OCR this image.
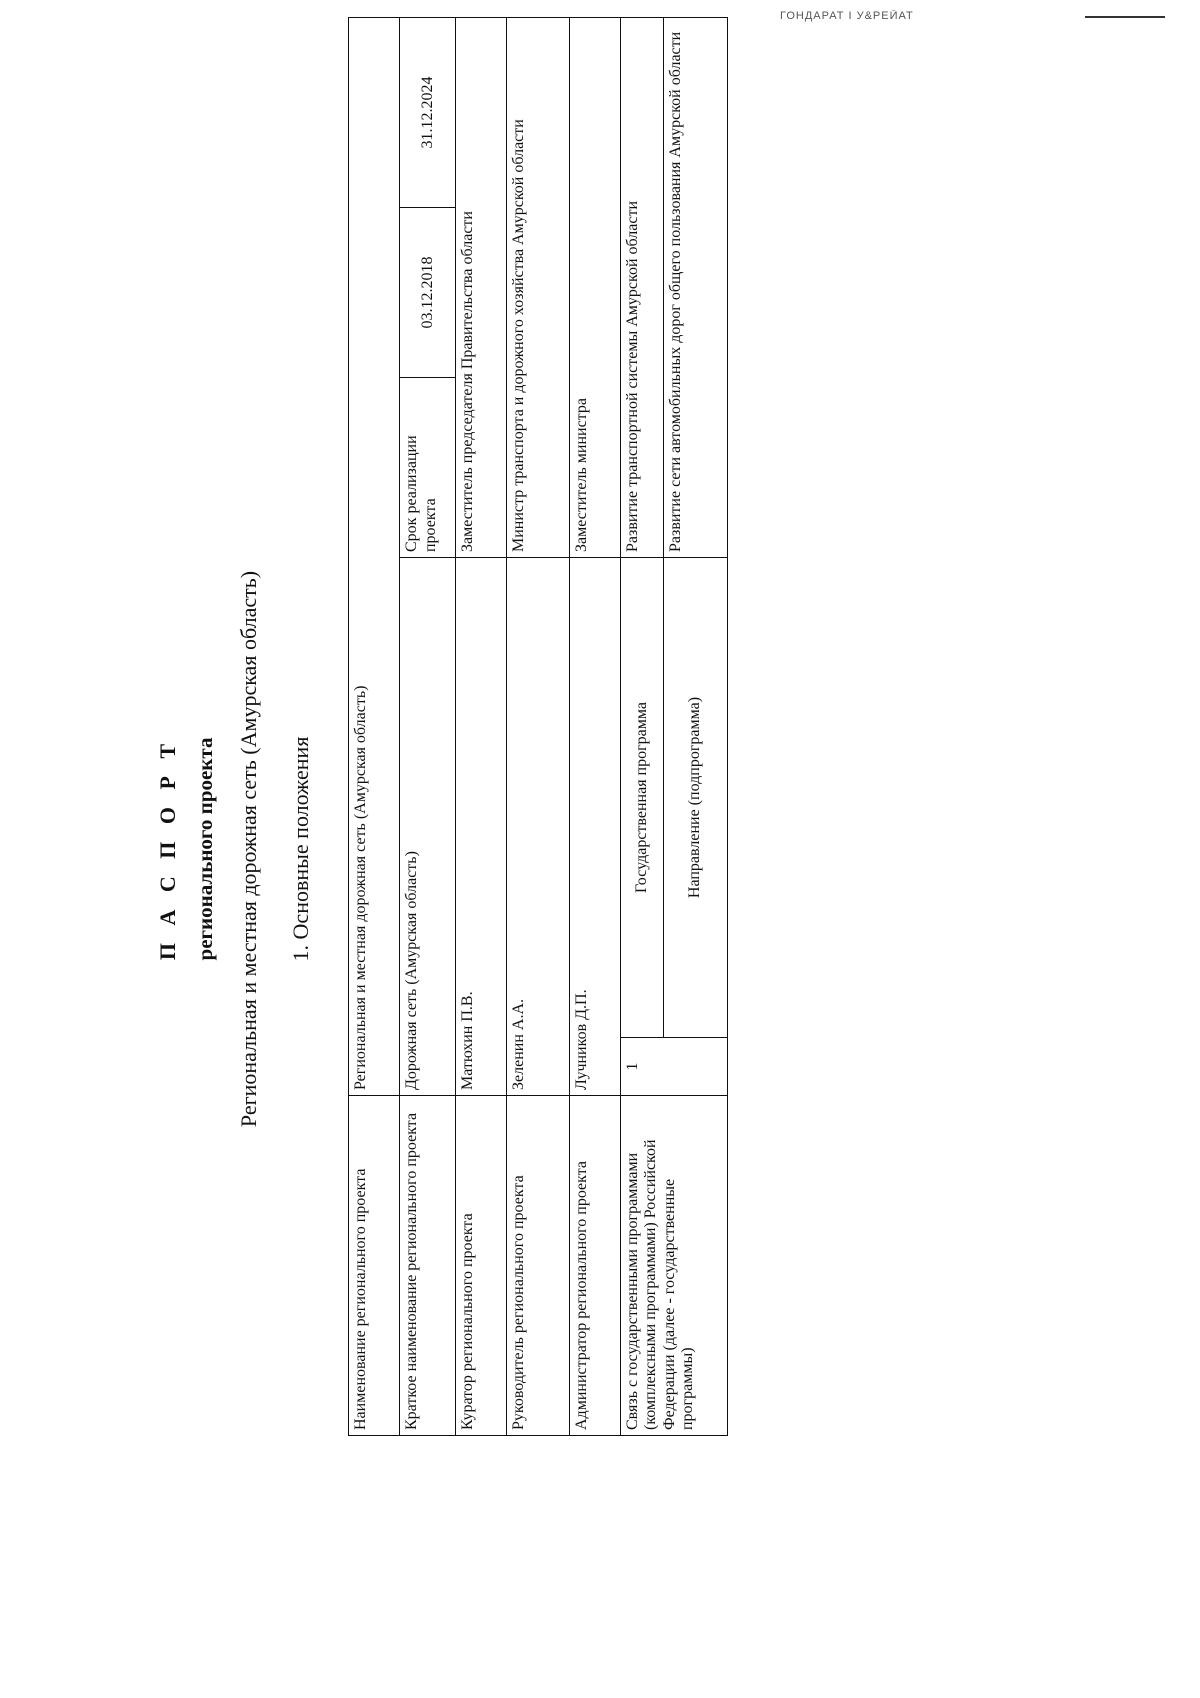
ГОНДАРАТ I У&РЕЙАТ
П А С П О Р Т регионального проекта Региональная и местная дорожная сеть (Амурская область) 1. Основные положения
Наименование регионального проекта	Региональная и местная дорожная сеть (Амурская область)				
Краткое наименование регионального проекта	Дорожная сеть (Амурская область)		Срок реализации проекта	03.12.2018	31.12.2024
Куратор регионального проекта	Матюхин П.В.		Заместитель председателя Правительства области		
Руководитель регионального проекта	Зеленин А.А.		Министр транспорта и дорожного хозяйства Амурской области		
Администратор регионального проекта	Лучников Д.П.		Заместитель министра		
Связь с государственными программами (комплексными программами) Российской Федерации (далее - государственные программы)	1	Государственная программа	Развитие транспортной системы Амурской области		
		Направление (подпрограмма)	Развитие сети автомобильных дорог общего пользования Амурской области		
